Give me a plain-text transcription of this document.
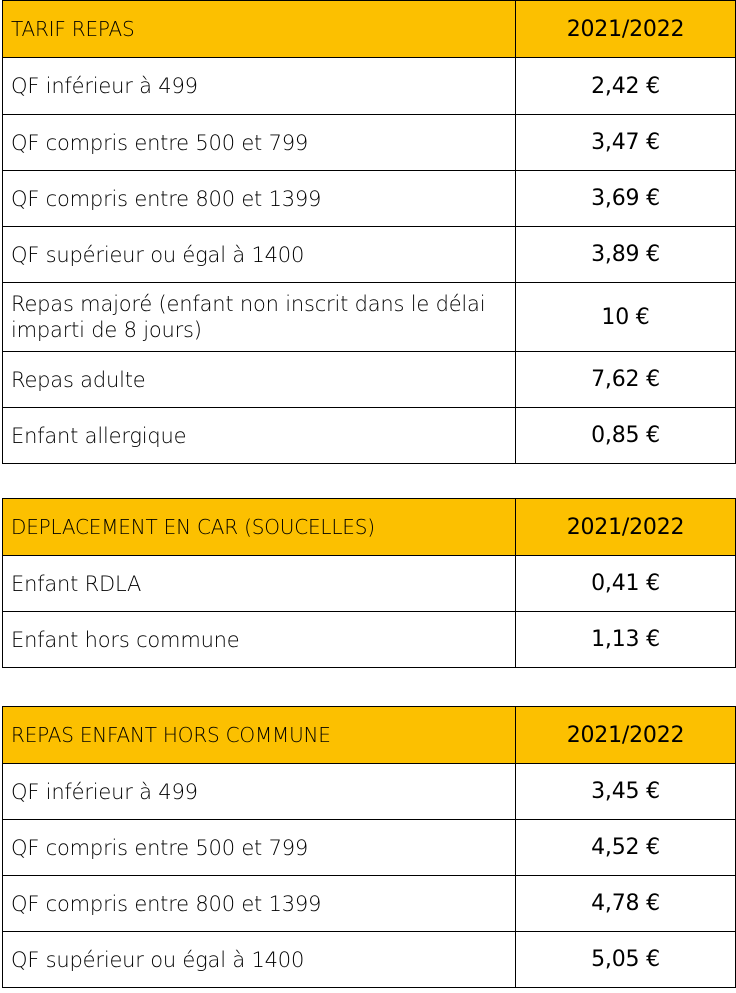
TARIF REPAS	2021/2022
QF inférieur à 499	2,42 €
QF compris entre 500 et 799	3,47 €
QF compris entre 800 et 1399	3,69 €
QF supérieur ou égal à 1400	3,89 €
Repas majoré (enfant non inscrit dans le délai imparti de 8 jours)	10 €
Repas adulte	7,62 €
Enfant allergique	0,85 €
DEPLACEMENT EN CAR (SOUCELLES)	2021/2022
Enfant RDLA	0,41 €
Enfant hors commune	1,13 €
REPAS ENFANT HORS COMMUNE	2021/2022
QF inférieur à 499	3,45 €
QF compris entre 500 et 799	4,52 €
QF compris entre 800 et 1399	4,78 €
QF supérieur ou égal à 1400	5,05 €
